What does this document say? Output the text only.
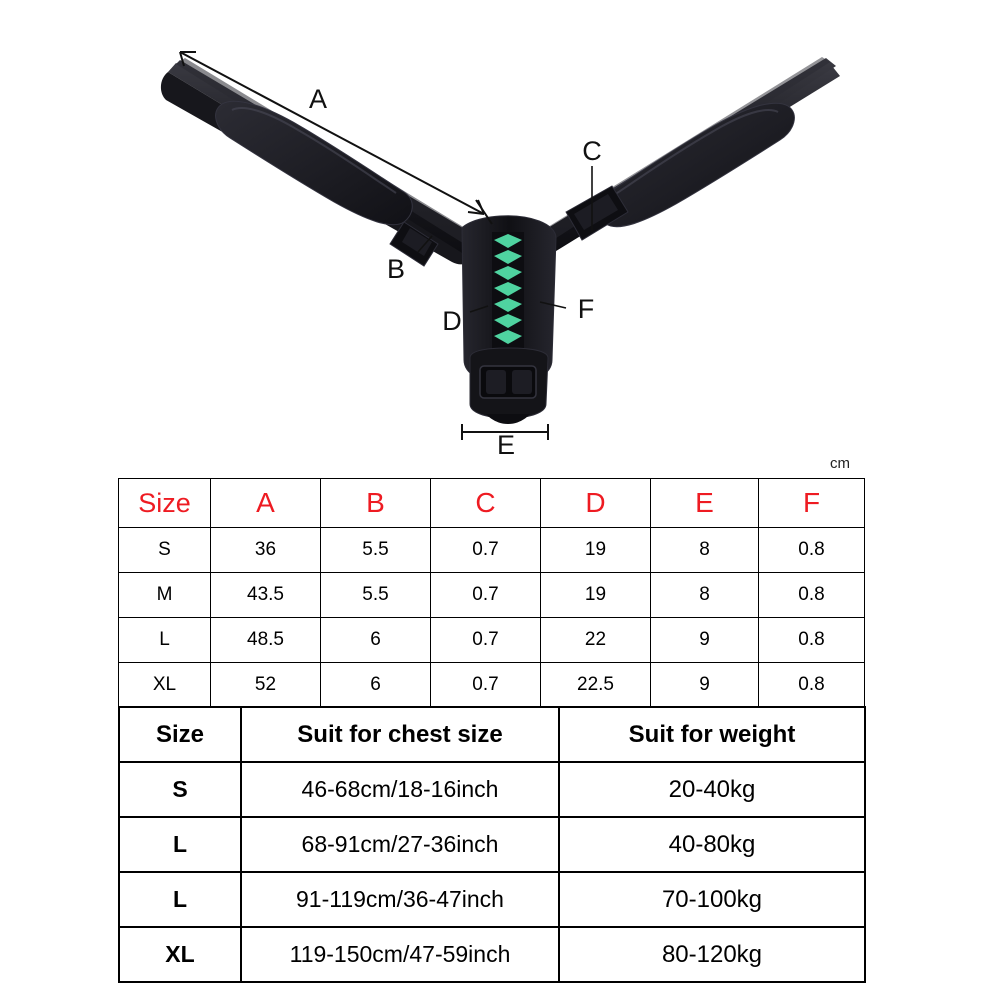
A
B
C
D
E
F
cm
Size	A	B	C	D	E	F
S	36	5.5	0.7	19	8	0.8
M	43.5	5.5	0.7	19	8	0.8
L	48.5	6	0.7	22	9	0.8
XL	52	6	0.7	22.5	9	0.8
Size	Suit for chest size	Suit for weight
S	46-68cm/18-16inch	20-40kg
L	68-91cm/27-36inch	40-80kg
L	91-119cm/36-47inch	70-100kg
XL	119-150cm/47-59inch	80-120kg
